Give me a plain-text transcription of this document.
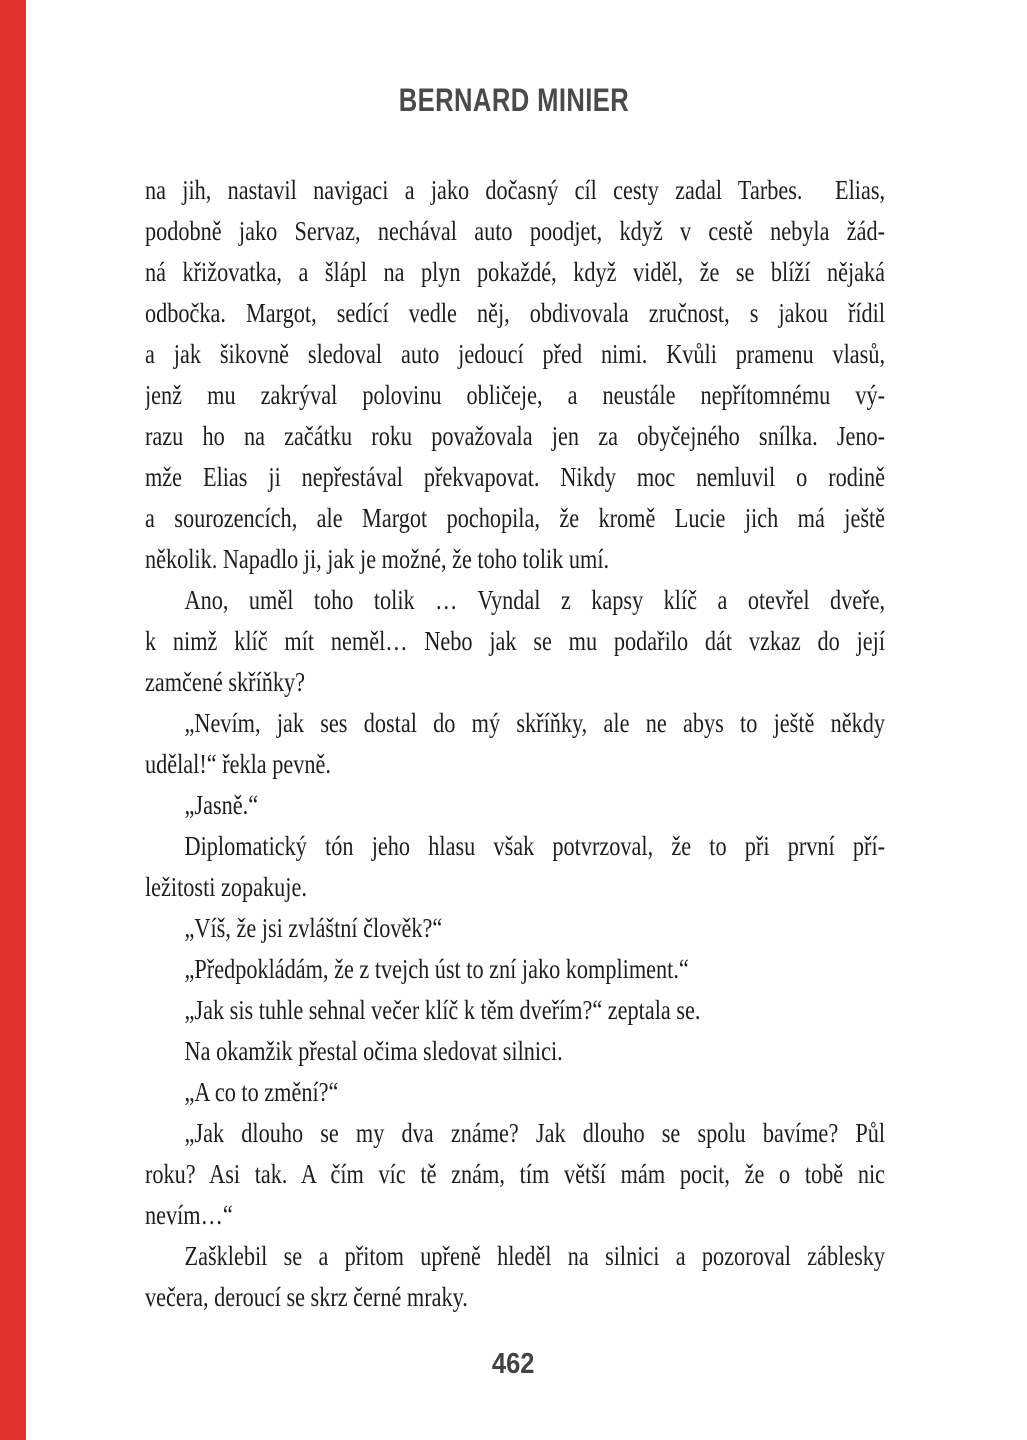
BERNARD MINIER
na jih, nastavil navigaci a jako dočasný cíl cesty zadal Tarbes.  Elias,
podobně jako Servaz, nechával auto poodjet, když v cestě nebyla žád-
ná křižovatka, a šlápl na plyn pokaždé, když viděl, že se blíží nějaká
odbočka. Margot, sedící vedle něj, obdivovala zručnost, s jakou řídil
a jak šikovně sledoval auto jedoucí před nimi. Kvůli pramenu vlasů,
jenž mu zakrýval polovinu obličeje, a neustále nepřítomnému vý-
razu ho na začátku roku považovala jen za obyčejného snílka. Jeno-
mže Elias ji nepřestával překvapovat. Nikdy moc nemluvil o rodině
a sourozencích, ale Margot pochopila, že kromě Lucie jich má ještě
několik. Napadlo ji, jak je možné, že toho tolik umí.
Ano, uměl toho tolik … Vyndal z kapsy klíč a otevřel dveře,
k nimž klíč mít neměl… Nebo jak se mu podařilo dát vzkaz do její
zamčené skříňky?
„Nevím, jak ses dostal do mý skříňky, ale ne abys to ještě někdy
udělal!“ řekla pevně.
„Jasně.“
Diplomatický tón jeho hlasu však potvrzoval, že to při první pří-
ležitosti zopakuje.
„Víš, že jsi zvláštní člověk?“
„Předpokládám, že z tvejch úst to zní jako kompliment.“
„Jak sis tuhle sehnal večer klíč k těm dveřím?“ zeptala se.
Na okamžik přestal očima sledovat silnici.
„A co to změní?“
„Jak dlouho se my dva známe? Jak dlouho se spolu bavíme? Půl
roku? Asi tak. A čím víc tě znám, tím větší mám pocit, že o tobě nic
nevím…“
Zašklebil se a přitom upřeně hleděl na silnici a pozoroval záblesky
večera, deroucí se skrz černé mraky.
462
